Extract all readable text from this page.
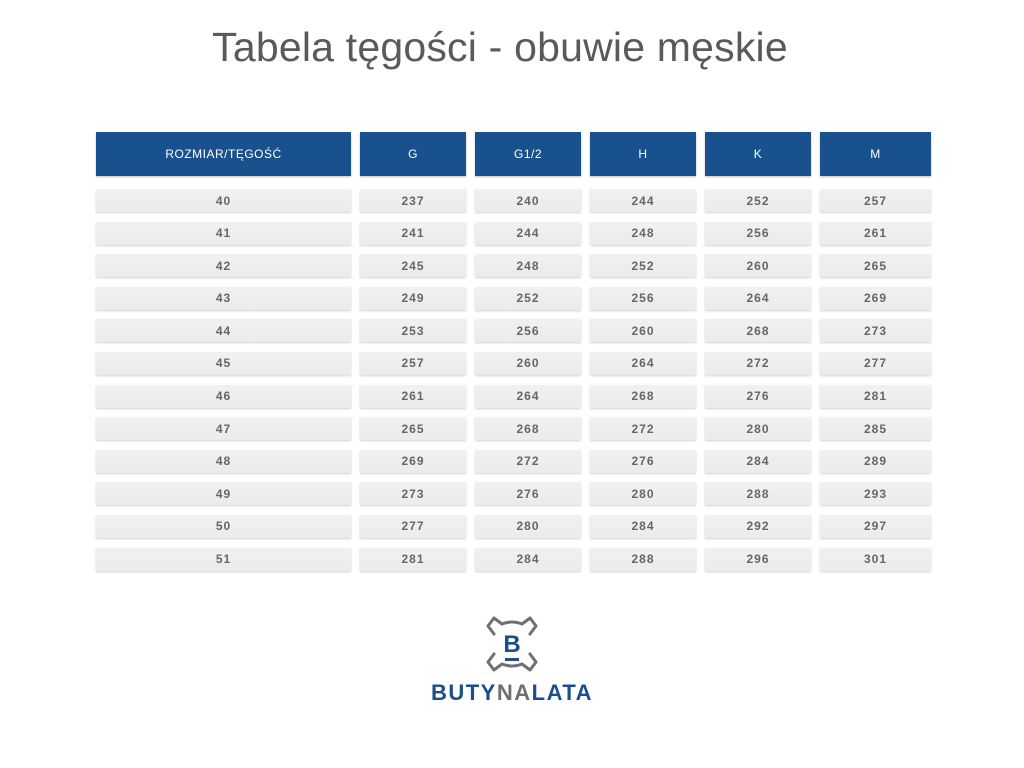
Tabela tęgości - obuwie męskie
ROZMIAR/TĘGOŚĆ	G	G1/2	H	K	M
40	237	240	244	252	257
41	241	244	248	256	261
42	245	248	252	260	265
43	249	252	256	264	269
44	253	256	260	268	273
45	257	260	264	272	277
46	261	264	268	276	281
47	265	268	272	280	285
48	269	272	276	284	289
49	273	276	280	288	293
50	277	280	284	292	297
51	281	284	288	296	301
B
BUTYNALATA
